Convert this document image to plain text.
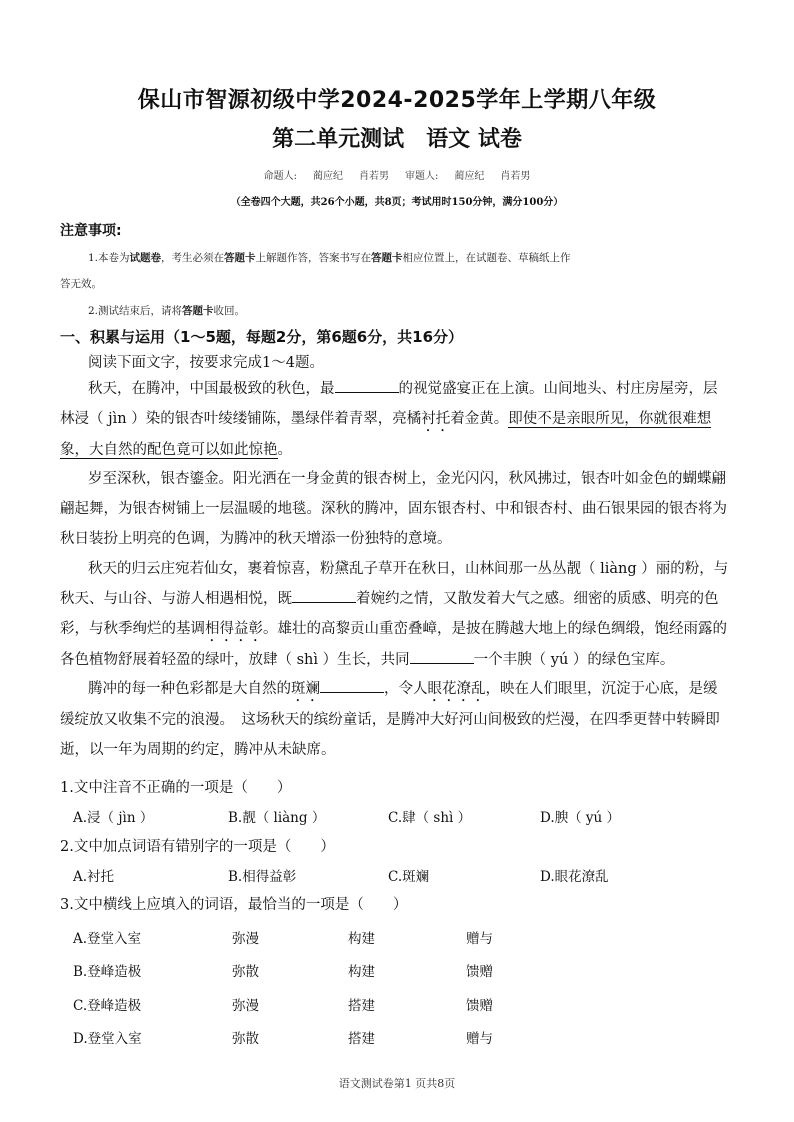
保山市智源初级中学2024-2025学年上学期八年级
第二单元测试　语文 试卷
命题人: 蔺应纪 肖若男 审题人: 蔺应纪 肖若男
（全卷四个大题，共26个小题，共8页；考试用时150分钟，满分100分）
注意事项:
1.本卷为试题卷，考生必须在答题卡上解题作答，答案书写在答题卡相应位置上，在试题卷、草稿纸上作
答无效。
2.测试结束后，请将答题卡收回。
一、积累与运用（1～5题，每题2分，第6题6分，共16分）
阅读下面文字，按要求完成1～4题。
秋天，在腾冲，中国最极致的秋色，最	的视觉盛宴正在上演。山间地头、村庄房屋旁，层林浸（ jìn ）染的银杏叶绫缕铺陈，墨绿伴着青翠，亮橘衬托着金黄。即使不是亲眼所见，你就很难想象，大自然的配色竟可以如此惊艳。
岁至深秋，银杏鎏金。阳光洒在一身金黄的银杏树上，金光闪闪，秋风拂过，银杏叶如金色的蝴蝶翩翩起舞，为银杏树铺上一层温暖的地毯。深秋的腾冲，固东银杏村、中和银杏村、曲石银果园的银杏将为秋日装扮上明亮的色调，为腾冲的秋天增添一份独特的意境。
秋天的归云庄宛若仙女，裹着惊喜，粉黛乱子草开在秋日，山林间那一丛丛靓（ liàng ）丽的粉，与秋天、与山谷、与游人相遇相悦，既	着婉约之情，又散发着大气之感。细密的质感、明亮的色彩，与秋季绚烂的基调相得益彰。雄壮的高黎贡山重峦叠嶂，是披在腾越大地上的绿色绸缎，饱经雨露的各色植物舒展着轻盈的绿叶，放肆（ shì ）生长，共同	一个丰腴（ yú ）的绿色宝库。
腾冲的每一种色彩都是大自然的斑斓	，令人眼花潦乱，映在人们眼里，沉淀于心底，是缓缓绽放又收集不完的浪漫。　这场秋天的缤纷童话，是腾冲大好河山间极致的烂漫，在四季更替中转瞬即逝，以一年为周期的约定，腾冲从未缺席。
1.文中注音不正确的一项是（　　）
A.浸（ jìn ）	B.靓（ liàng ）	C.肆（ shì ）	D.腴（ yú ）
2.文中加点词语有错别字的一项是（　　）
A.衬托	B.相得益彰	C.斑斓	D.眼花潦乱
3.文中横线上应填入的词语，最恰当的一项是（　　）
A.登堂入室	弥漫	构建	赠与
B.登峰造极	弥散	构建	馈赠
C.登峰造极	弥漫	搭建	馈赠
D.登堂入室	弥散	搭建	赠与
语文测试卷第1 页共8页
